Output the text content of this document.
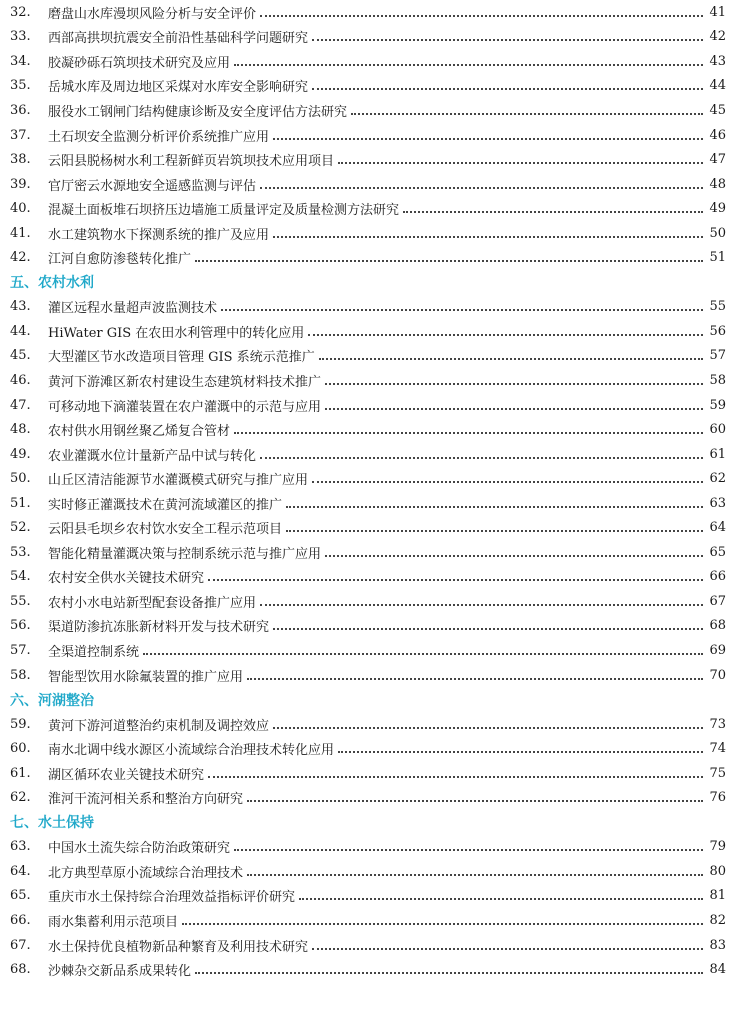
32.	磨盘山水库漫坝风险分析与安全评价	41
33.	西部高拱坝抗震安全前沿性基础科学问题研究	42
34.	胶凝砂砾石筑坝技术研究及应用	43
35.	岳城水库及周边地区采煤对水库安全影响研究	44
36.	服役水工钢闸门结构健康诊断及安全度评估方法研究	45
37.	土石坝安全监测分析评价系统推广应用	46
38.	云阳县脱杨树水利工程新鲜页岩筑坝技术应用项目	47
39.	官厅密云水源地安全遥感监测与评估	48
40.	混凝土面板堆石坝挤压边墙施工质量评定及质量检测方法研究	49
41.	水工建筑物水下探测系统的推广及应用	50
42.	江河自愈防渗毯转化推广	51
五、农村水利
43.	灌区远程水量超声波监测技术	55
44.	HiWater GIS 在农田水利管理中的转化应用	56
45.	大型灌区节水改造项目管理 GIS 系统示范推广	57
46.	黄河下游滩区新农村建设生态建筑材料技术推广	58
47.	可移动地下滴灌装置在农户灌溉中的示范与应用	59
48.	农村供水用钢丝聚乙烯复合管材	60
49.	农业灌溉水位计量新产品中试与转化	61
50.	山丘区清洁能源节水灌溉模式研究与推广应用	62
51.	实时修正灌溉技术在黄河流域灌区的推广	63
52.	云阳县毛坝乡农村饮水安全工程示范项目	64
53.	智能化精量灌溉决策与控制系统示范与推广应用	65
54.	农村安全供水关键技术研究	66
55.	农村小水电站新型配套设备推广应用	67
56.	渠道防渗抗冻胀新材料开发与技术研究	68
57.	全渠道控制系统	69
58.	智能型饮用水除氟装置的推广应用	70
六、河湖整治
59.	黄河下游河道整治约束机制及调控效应	73
60.	南水北调中线水源区小流域综合治理技术转化应用	74
61.	湖区循环农业关键技术研究	75
62.	淮河干流河相关系和整治方向研究	76
七、水土保持
63.	中国水土流失综合防治政策研究	79
64.	北方典型草原小流域综合治理技术	80
65.	重庆市水土保持综合治理效益指标评价研究	81
66.	雨水集蓄利用示范项目	82
67.	水土保持优良植物新品种繁育及利用技术研究	83
68.	沙棘杂交新品系成果转化	84
